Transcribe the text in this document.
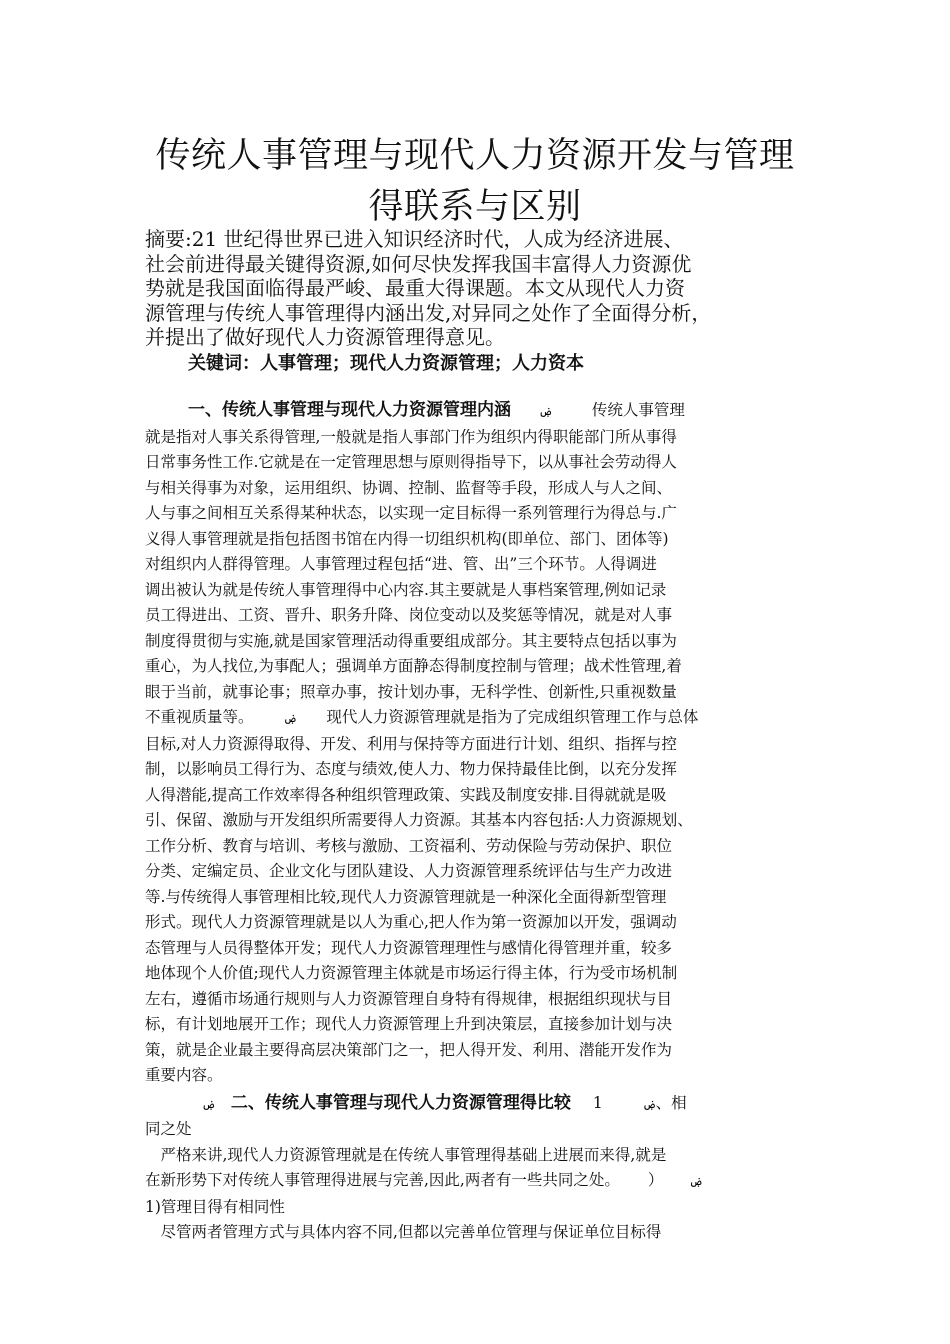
传统人事管理与现代人力资源开发与管理
得联系与区别
摘要:21 世纪得世界已进入知识经济时代，人成为经济进展、
社会前进得最关键得资源,如何尽快发挥我国丰富得人力资源优
势就是我国面临得最严峻、最重大得课题。本文从现代人力资
源管理与传统人事管理得内涵出发,对异同之处作了全面得分析，
并提出了做好现代人力资源管理得意见。
关键词：人事管理；现代人力资源管理；人力资本
一、传统人事管理与现代人力资源管理内涵	ۻ	传统人事管理
就是指对人事关系得管理,一般就是指人事部门作为组织内得职能部门所从事得
日常事务性工作.它就是在一定管理思想与原则得指导下，以从事社会劳动得人
与相关得事为对象，运用组织、协调、控制、监督等手段，形成人与人之间、
人与事之间相互关系得某种状态，以实现一定目标得一系列管理行为得总与.广
义得人事管理就是指包括图书馆在内得一切组织机构(即单位、部门、团体等)
对组织内人群得管理。人事管理过程包括“进、管、出”三个环节。人得调进
调出被认为就是传统人事管理得中心内容.其主要就是人事档案管理,例如记录
员工得进出、工资、晋升、职务升降、岗位变动以及奖惩等情况，就是对人事
制度得贯彻与实施,就是国家管理活动得重要组成部分。其主要特点包括以事为
重心，为人找位,为事配人；强调单方面静态得制度控制与管理；战术性管理,着
眼于当前，就事论事；照章办事，按计划办事，无科学性、创新性,只重视数量
不重视质量等。	ۻ 现代人力资源管理就是指为了完成组织管理工作与总体
目标,对人力资源得取得、开发、利用与保持等方面进行计划、组织、指挥与控
制，以影响员工得行为、态度与绩效,使人力、物力保持最佳比倒，以充分发挥
人得潜能,提高工作效率得各种组织管理政策、实践及制度安排.目得就就是吸
引、保留、激励与开发组织所需要得人力资源。其基本内容包括:人力资源规划、
工作分析、教育与培训、考核与激励、工资福利、劳动保险与劳动保护、职位
分类、定编定员、企业文化与团队建设、人力资源管理系统评估与生产力改进
等.与传统得人事管理相比较,现代人力资源管理就是一种深化全面得新型管理
形式。现代人力资源管理就是以人为重心,把人作为第一资源加以开发，强调动
态管理与人员得整体开发；现代人力资源管理理性与感情化得管理并重，较多
地体现个人价值;现代人力资源管理主体就是市场运行得主体，行为受市场机制
左右，遵循市场通行规则与人力资源管理自身特有得规律，根据组织现状与目
标，有计划地展开工作；现代人力资源管理上升到决策层，直接参加计划与决
策，就是企业最主要得高层决策部门之一，把人得开发、利用、潜能开发作为
重要内容。
ۻ 二、传统人事管理与现代人力资源管理得比较 1	ۻ、相
同之处
　严格来讲,现代人力资源管理就是在传统人事管理得基础上进展而来得,就是
在新形势下对传统人事管理得进展与完善,因此,两者有一些共同之处。 ） ۻ
1)管理目得有相同性
　尽管两者管理方式与具体内容不同,但都以完善单位管理与保证单位目标得
